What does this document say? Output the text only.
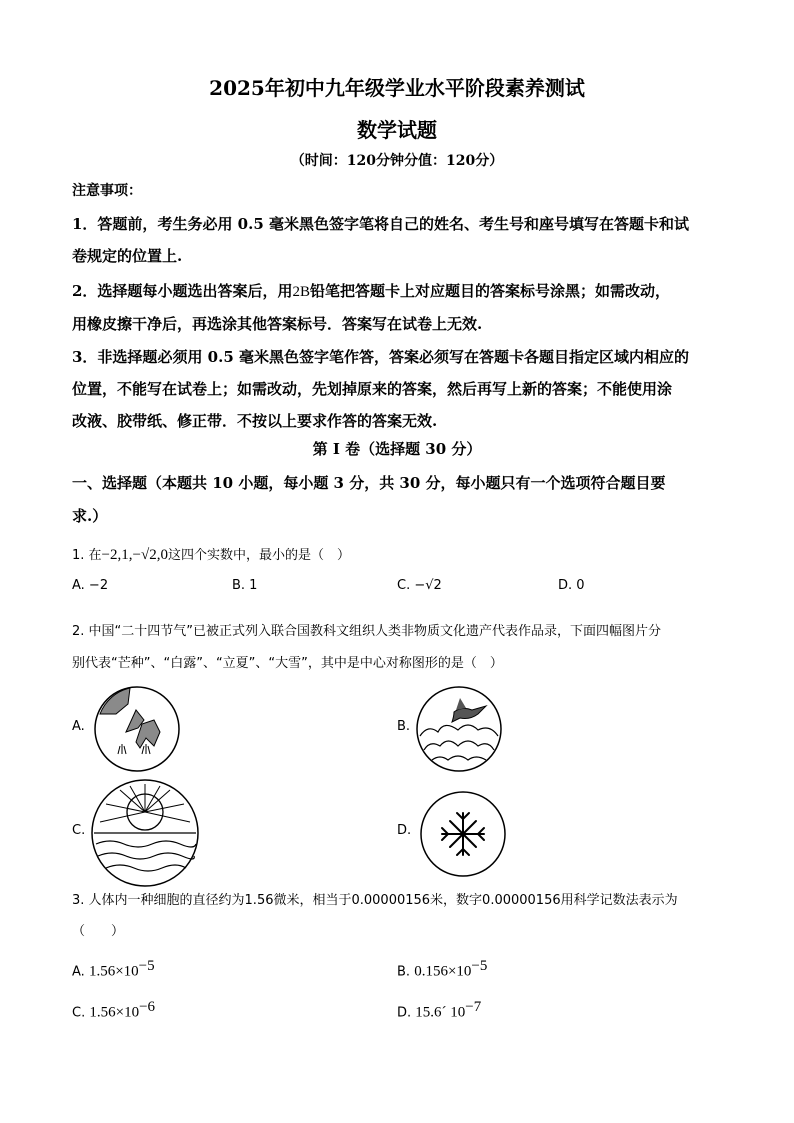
2025年初中九年级学业水平阶段素养测试
数学试题
（时间：120分钟分值：120分）
注意事项：
1．答题前，考生务必用 0.5 毫米黑色签字笔将自己的姓名、考生号和座号填写在答题卡和试
卷规定的位置上.
2．选择题每小题选出答案后，用2B铅笔把答题卡上对应题目的答案标号涂黑；如需改动，
用橡皮擦干净后，再选涂其他答案标号．答案写在试卷上无效.
3．非选择题必须用 0.5 毫米黑色签字笔作答，答案必须写在答题卡各题目指定区域内相应的
位置，不能写在试卷上；如需改动，先划掉原来的答案，然后再写上新的答案；不能使用涂
改液、胶带纸、修正带．不按以上要求作答的答案无效.
第 I 卷（选择题 30 分）
一、选择题（本题共 10 小题，每小题 3 分，共 30 分，每小题只有一个选项符合题目要
求.）
1. 在−2,1,−√2,0这四个实数中，最小的是（　）
A. −2	B. 1	C. −√2	D. 0
2. 中国“二十四节气”已被正式列入联合国教科文组织人类非物质文化遗产代表作品录，下面四幅图片分
别代表“芒种”、“白露”、“立夏”、“大雪”，其中是中心对称图形的是（　）
A.	B.
C.	D.
3. 人体内一种细胞的直径约为1.56微米，相当于0.00000156米，数字0.00000156用科学记数法表示为
（　　）
A. $1.56\times 10^{-5}$	B. $0.156\times 10^{-5}$
C. $1.56\times 10^{-6}$	D. 15.6´ $10^{-7}$
